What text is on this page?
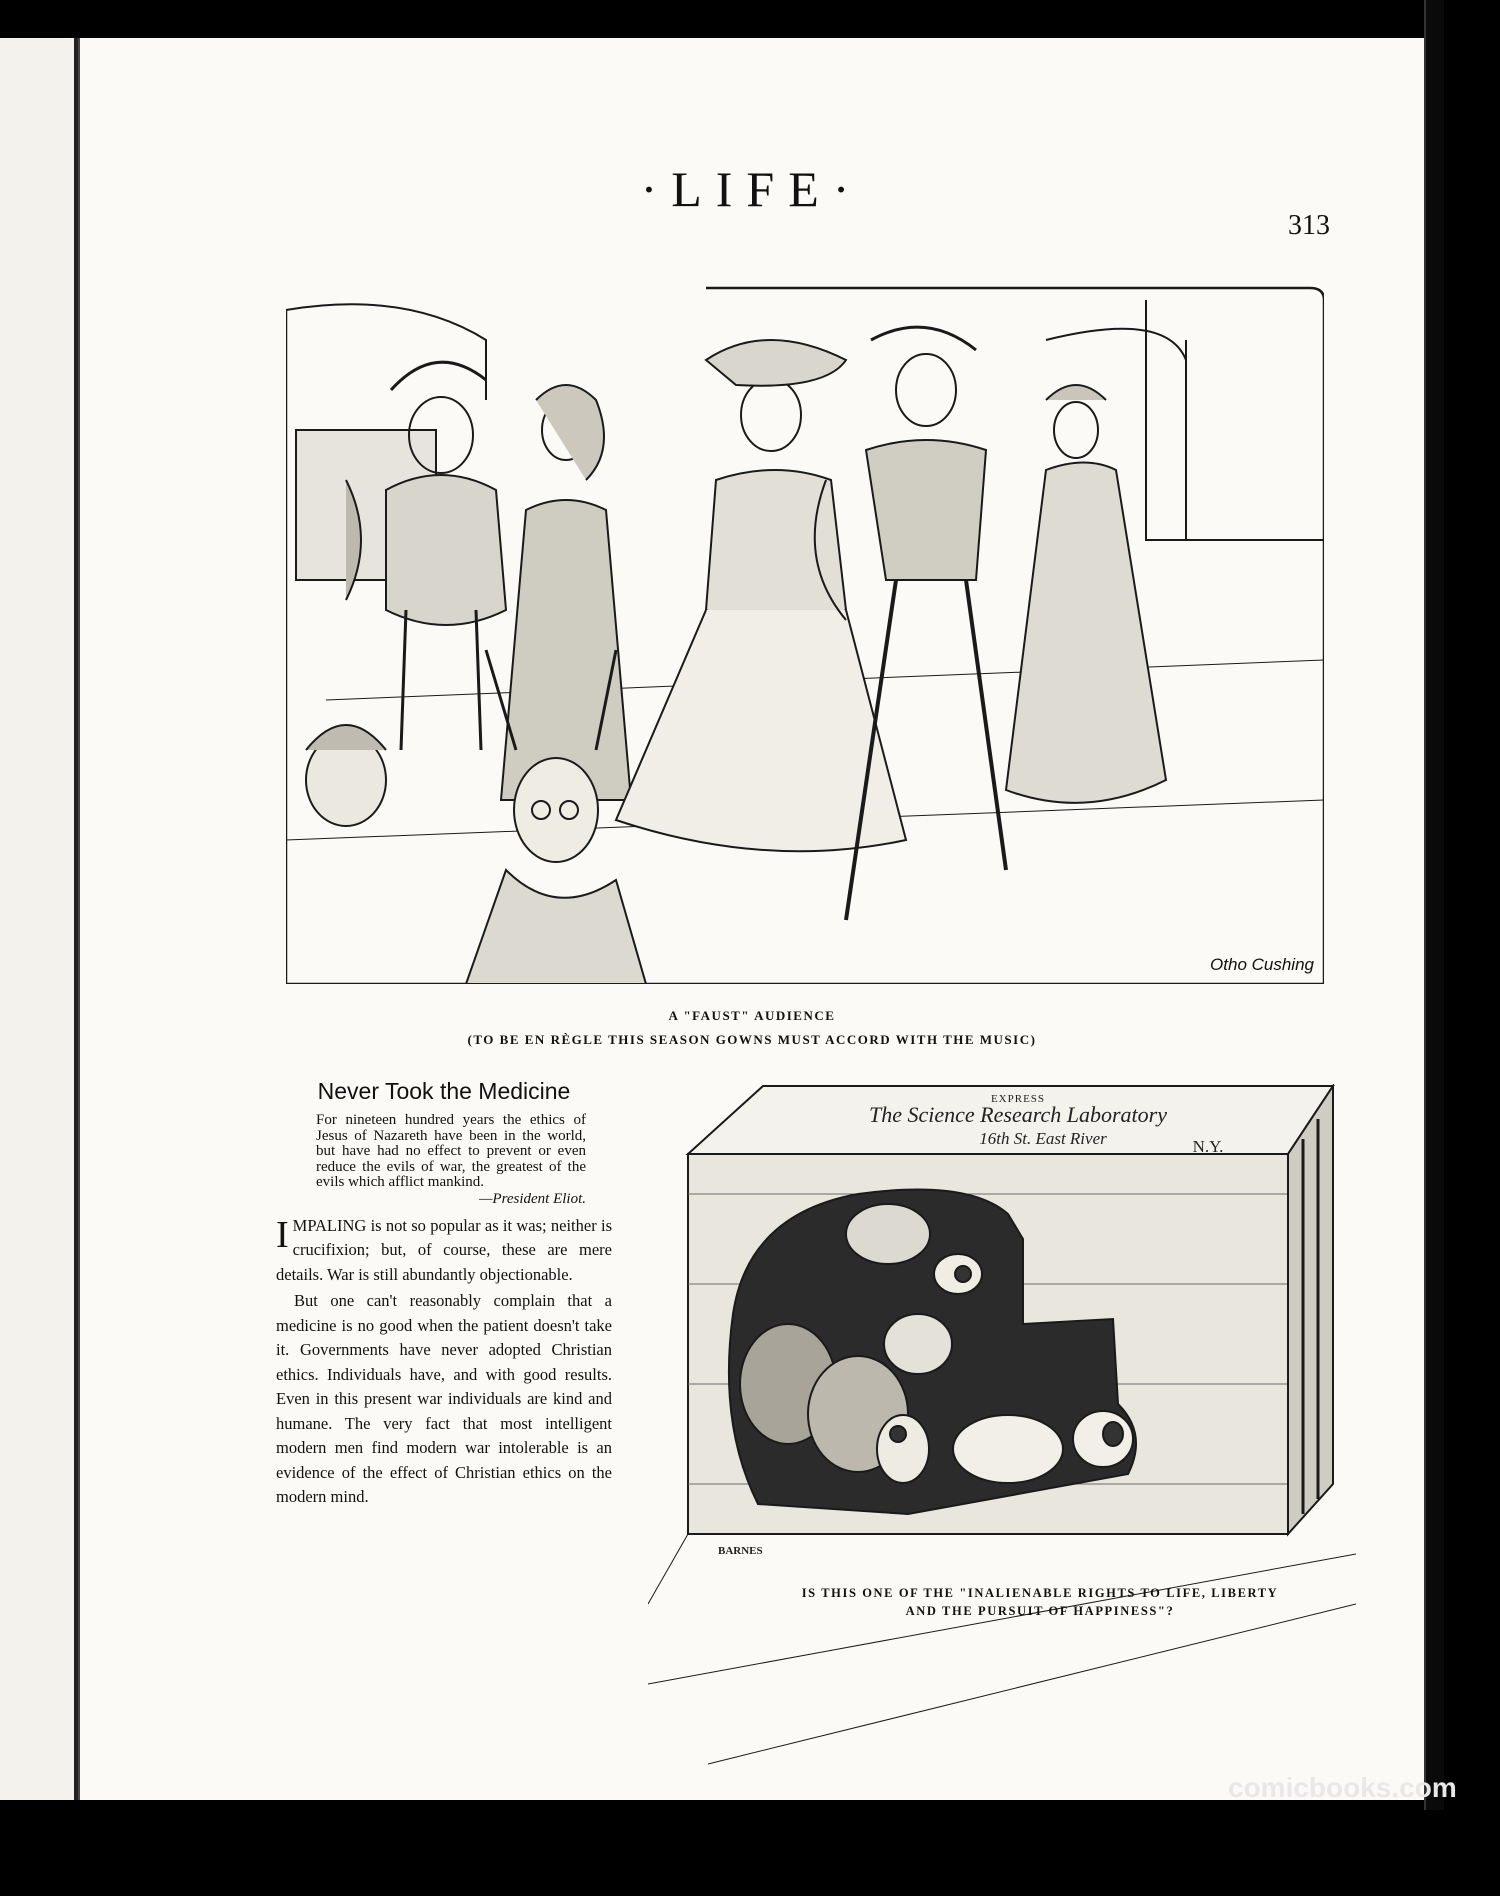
·LIFE·
313
Otho Cushing
A "FAUST" AUDIENCE
(TO BE EN RÈGLE THIS SEASON GOWNS MUST ACCORD WITH THE MUSIC)
Never Took the Medicine
For nineteen hundred years the ethics of Jesus of Nazareth have been in the world, but have had no effect to prevent or even reduce the evils of war, the greatest of the evils which afflict mankind.
—President Eliot.

IMPALING is not so popular as it was; neither is crucifixion; but, of course, these are mere details. War is still abundantly objectionable.

But one can't reasonably complain that a medicine is no good when the patient doesn't take it. Governments have never adopted Christian ethics. Individuals have, and with good results. Even in this present war individuals are kind and humane. The very fact that most intelligent modern men find modern war intolerable is an evidence of the effect of Christian ethics on the modern mind.

EXPRESS
The Science Research Laboratory
16th St. East River	N.Y.
BARNES
IS THIS ONE OF THE "INALIENABLE RIGHTS TO LIFE, LIBERTY
AND THE PURSUIT OF HAPPINESS"?
comicbooks.com
